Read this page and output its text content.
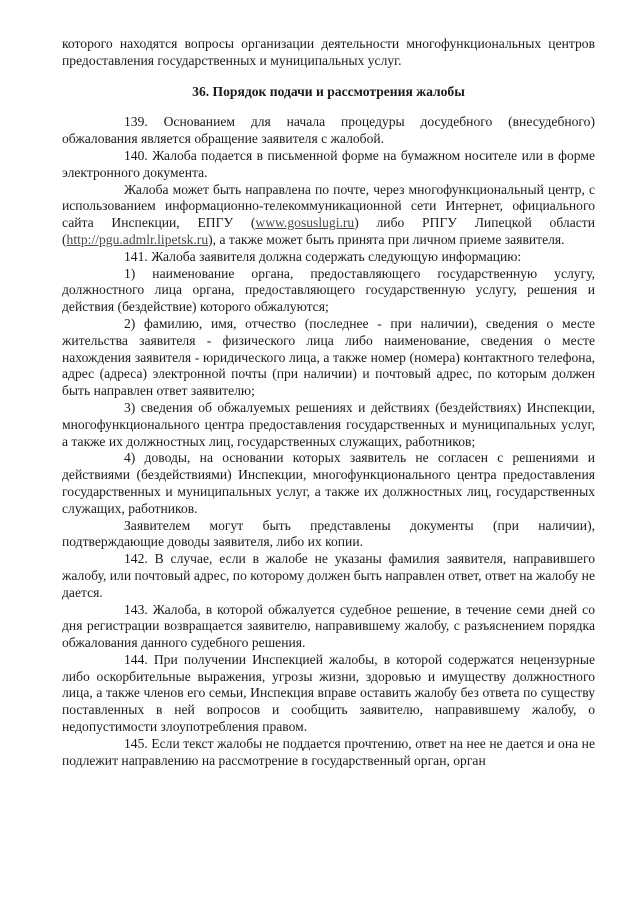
которого находятся вопросы организации деятельности многофункциональных центров предоставления государственных и муниципальных услуг.

36. Порядок подачи и рассмотрения жалобы

139. Основанием для начала процедуры досудебного (внесудебного) обжалования является обращение заявителя с жалобой.

140. Жалоба подается в письменной форме на бумажном носителе или в форме электронного документа.

Жалоба может быть направлена по почте, через многофункциональный центр, с использованием информационно-телекоммуникационной сети Интернет, официального сайта Инспекции, ЕПГУ (www.gosuslugi.ru) либо РПГУ Липецкой области (http://pgu.admlr.lipetsk.ru), а также может быть принята при личном приеме заявителя.

141. Жалоба заявителя должна содержать следующую информацию:

1) наименование органа, предоставляющего государственную услугу, должностного лица органа, предоставляющего государственную услугу, решения и действия (бездействие) которого обжалуются;

2) фамилию, имя, отчество (последнее - при наличии), сведения о месте жительства заявителя - физического лица либо наименование, сведения о месте нахождения заявителя - юридического лица, а также номер (номера) контактного телефона, адрес (адреса) электронной почты (при наличии) и почтовый адрес, по которым должен быть направлен ответ заявителю;

3) сведения об обжалуемых решениях и действиях (бездействиях) Инспекции, многофункционального центра предоставления государственных и муниципальных услуг, а также их должностных лиц, государственных служащих, работников;

4) доводы, на основании которых заявитель не согласен с решениями и действиями (бездействиями) Инспекции, многофункционального центра предоставления государственных и муниципальных услуг, а также их должностных лиц, государственных служащих, работников.

Заявителем могут быть представлены документы (при наличии), подтверждающие доводы заявителя, либо их копии.

142. В случае, если в жалобе не указаны фамилия заявителя, направившего жалобу, или почтовый адрес, по которому должен быть направлен ответ, ответ на жалобу не дается.

143. Жалоба, в которой обжалуется судебное решение, в течение семи дней со дня регистрации возвращается заявителю, направившему жалобу, с разъяснением порядка обжалования данного судебного решения.

144. При получении Инспекцией жалобы, в которой содержатся нецензурные либо оскорбительные выражения, угрозы жизни, здоровью и имуществу должностного лица, а также членов его семьи, Инспекция вправе оставить жалобу без ответа по существу поставленных в ней вопросов и сообщить заявителю, направившему жалобу, о недопустимости злоупотребления правом.

145. Если текст жалобы не поддается прочтению, ответ на нее не дается и она не подлежит направлению на рассмотрение в государственный орган, орган
